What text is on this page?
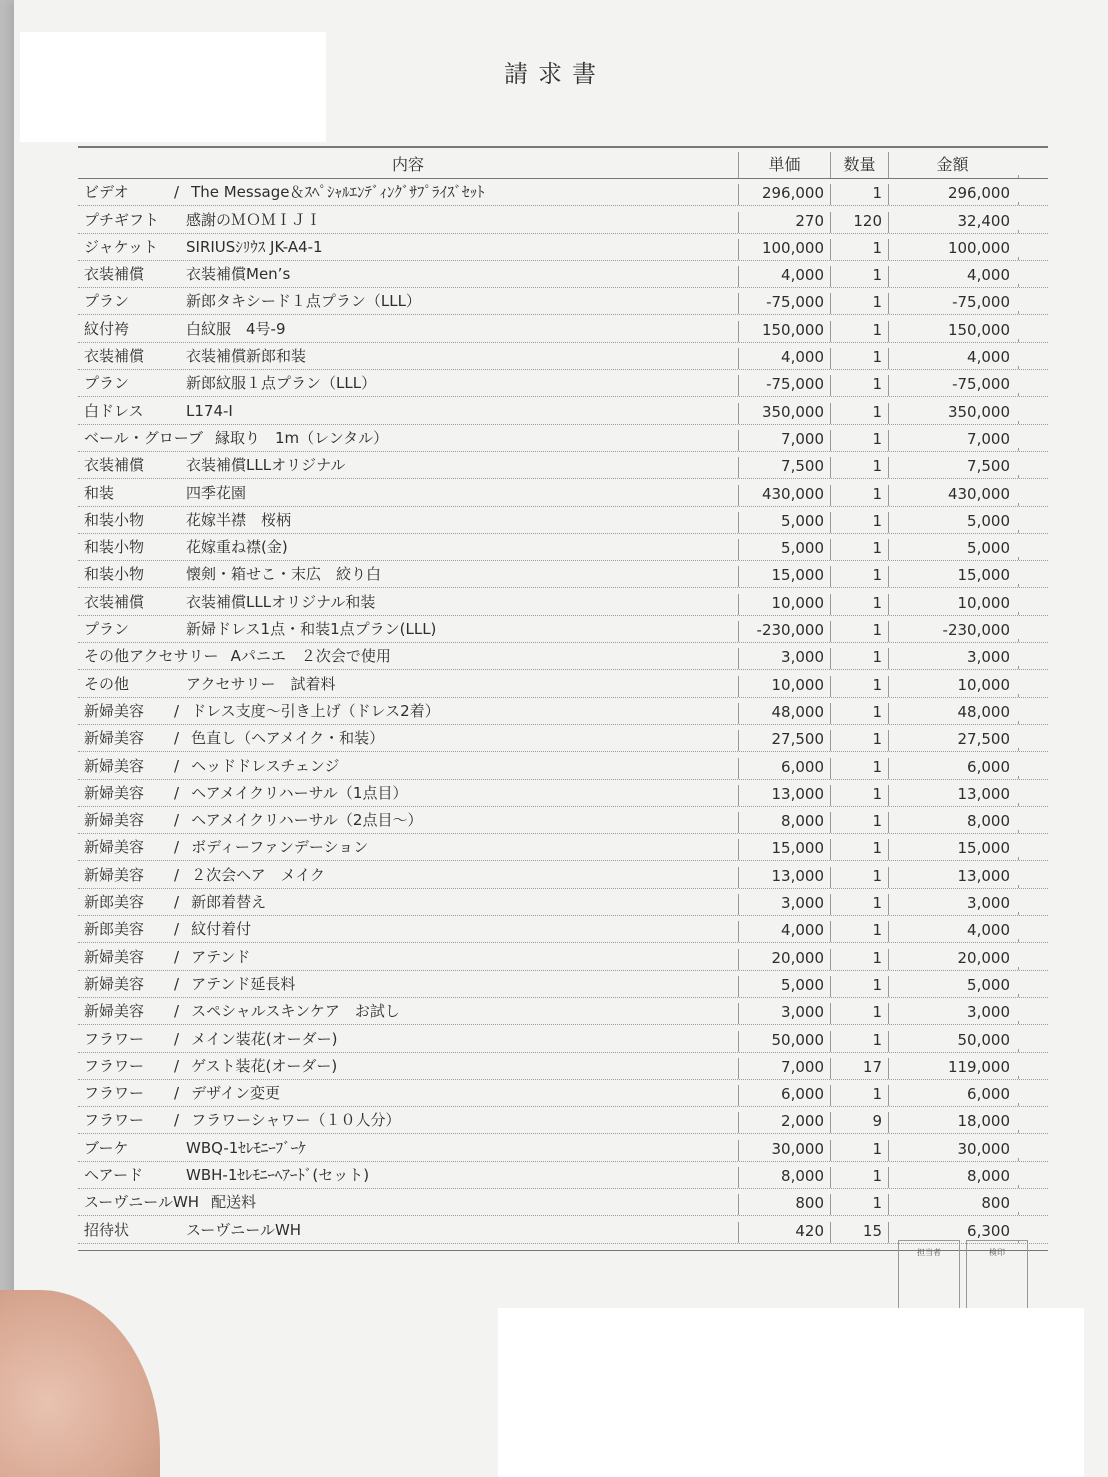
請求書
内容	単価	数量	金額
ビデオ	/ The Message＆ｽﾍﾟｼｬﾙｴﾝﾃﾞｨﾝｸﾞｻﾌﾟﾗｲｽﾞｾｯﾄ	296,000	1	296,000
プチギフト 感謝のＭＯＭＩＪＩ	270	120	32,400
ジャケット SIRIUSｼﾘｳｽ JK-A4-1	100,000	1	100,000
衣装補償	衣装補償Men’s	4,000	1	4,000
プラン	新郎タキシード１点プラン（LLL）	-75,000	1	-75,000
紋付袴	白紋服　4号-9	150,000	1	150,000
衣装補償	衣装補償新郎和装	4,000	1	4,000
プラン	新郎紋服１点プラン（LLL）	-75,000	1	-75,000
白ドレス	L174-I	350,000	1	350,000
ベール・グローブ 縁取り　1m（レンタル）	7,000	1	7,000
衣装補償	衣装補償LLLオリジナル	7,500	1	7,500
和装	四季花園	430,000	1	430,000
和装小物	花嫁半襟　桜柄	5,000	1	5,000
和装小物	花嫁重ね襟(金)	5,000	1	5,000
和装小物	懐剣・箱せこ・末広　絞り白	15,000	1	15,000
衣装補償	衣装補償LLLオリジナル和装	10,000	1	10,000
プラン	新婦ドレス1点・和装1点プラン(LLL)	-230,000	1	-230,000
その他アクセサリー Aパニエ　２次会で使用	3,000	1	3,000
その他	アクセサリー　試着料	10,000	1	10,000
新婦美容 / ドレス支度〜引き上げ（ドレス2着）	48,000	1	48,000
新婦美容 / 色直し（ヘアメイク・和装）	27,500	1	27,500
新婦美容 / ヘッドドレスチェンジ	6,000	1	6,000
新婦美容 / ヘアメイクリハーサル（1点目）	13,000	1	13,000
新婦美容 / ヘアメイクリハーサル（2点目〜）	8,000	1	8,000
新婦美容 / ボディーファンデーション	15,000	1	15,000
新婦美容 / ２次会ヘア　メイク	13,000	1	13,000
新郎美容 / 新郎着替え	3,000	1	3,000
新郎美容 / 紋付着付	4,000	1	4,000
新婦美容 / アテンド	20,000	1	20,000
新婦美容 / アテンド延長料	5,000	1	5,000
新婦美容 / スペシャルスキンケア　お試し	3,000	1	3,000
フラワー / メイン装花(オーダー)	50,000	1	50,000
フラワー / ゲスト装花(オーダー)	7,000	17	119,000
フラワー / デザイン変更	6,000	1	6,000
フラワー / フラワーシャワー（１０人分）	2,000	9	18,000
ブーケ	WBQ-1ｾﾚﾓﾆｰﾌﾞｰｹ	30,000	1	30,000
ヘアード	WBH-1ｾﾚﾓﾆｰﾍｱｰﾄﾞ(セット)	8,000	1	8,000
スーヴニールWH 配送料	800	1	800
招待状	スーヴニールWH	420	15	6,300
担当者	検印
